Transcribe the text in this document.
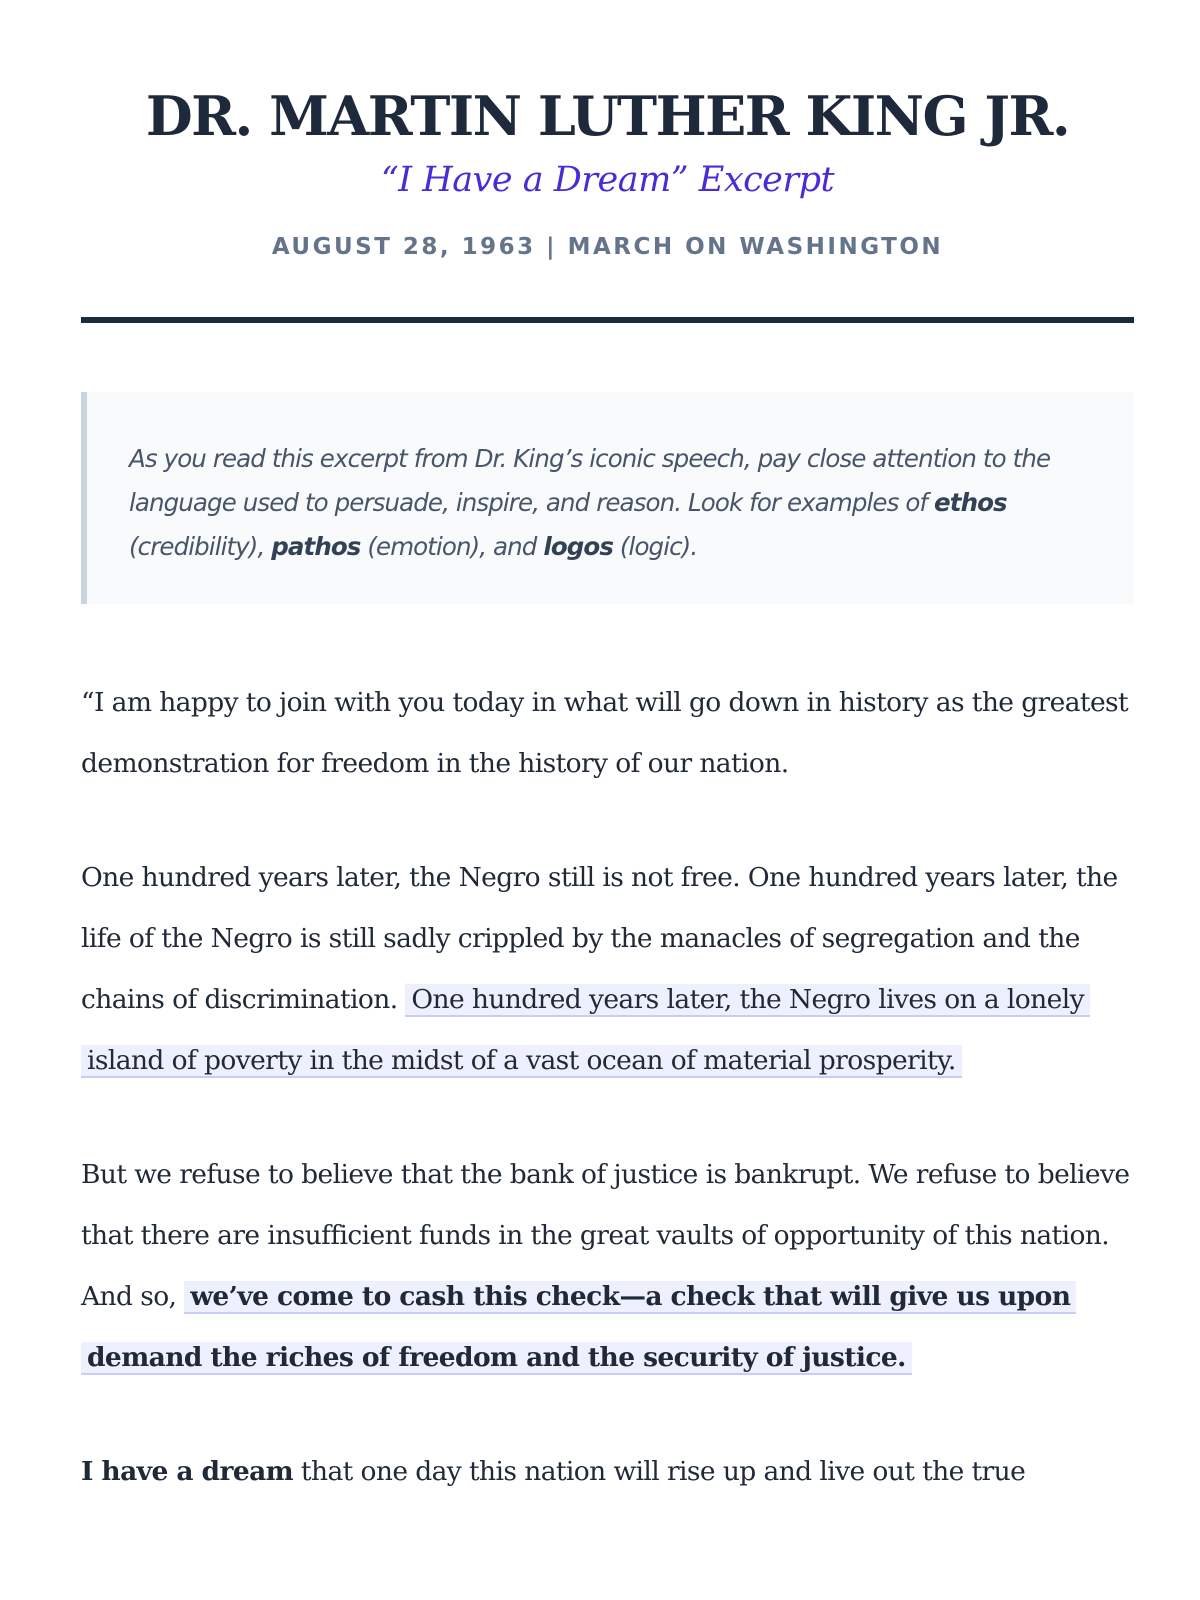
DR. MARTIN LUTHER KING JR.
“I Have a Dream” Excerpt
AUGUST 28, 1963 | MARCH ON WASHINGTON
As you read this excerpt from Dr. King’s iconic speech, pay close attention to the language used to persuade, inspire, and reason. Look for examples of ethos (credibility), pathos (emotion), and logos (logic).

“I am happy to join with you today in what will go down in history as the greatest demonstration for freedom in the history of our nation.

One hundred years later, the Negro still is not free. One hundred years later, the life of the Negro is still sadly crippled by the manacles of segregation and the chains of discrimination. One hundred years later, the Negro lives on a lonely island of poverty in the midst of a vast ocean of material prosperity.

But we refuse to believe that the bank of justice is bankrupt. We refuse to believe that there are insufficient funds in the great vaults of opportunity of this nation. And so, we’ve come to cash this check—a check that will give us upon demand the riches of freedom and the security of justice.

I have a dream that one day this nation will rise up and live out the true
